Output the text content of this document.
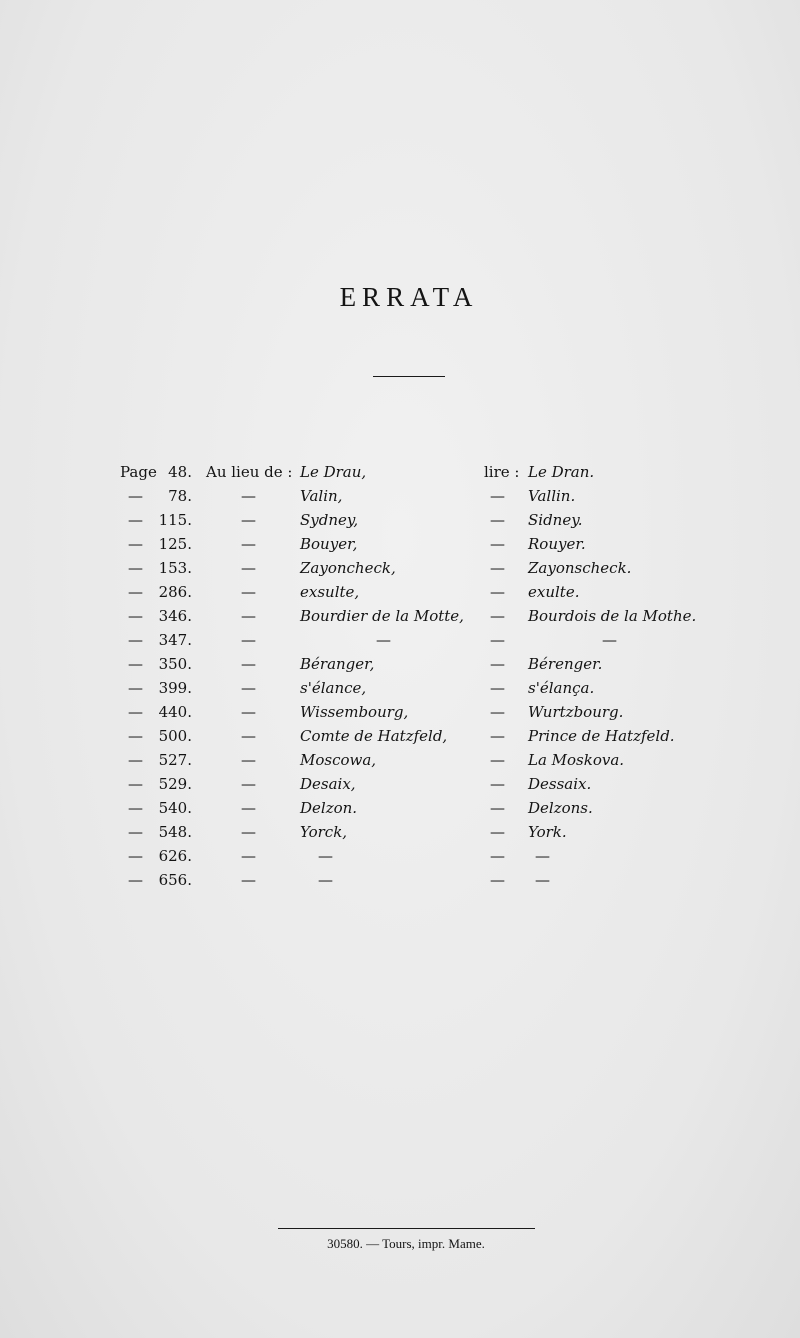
ERRATA
Page 48. Au lieu de : Le Drau,	lire : Le Dran.
—	78.	—	Valin,	— Vallin.
—	115.	—	Sydney,	— Sidney.
—	125.	—	Bouyer,	— Rouyer.
—	153.	—	Zayoncheck,	— Zayonscheck.
—	286.	—	exsulte,	— exulte.
—	346.	—	Bourdier de la Motte, — Bourdois de la Mothe.
—	347.	—	—	—	—
—	350.	—	Béranger,	— Bérenger.
—	399.	—	s'élance,	— s'élança.
—	440.	—	Wissembourg,	— Wurtzbourg.
—	500.	—	Comte de Hatzfeld,	— Prince de Hatzfeld.
—	527.	—	Moscowa,	— La Moskova.
—	529.	—	Desaix,	— Dessaix.
—	540.	—	Delzon.	— Delzons.
—	548.	—	Yorck,	— York.
—	626.	—	—	— —
—	656.	—	—	— —
30580. — Tours, impr. Mame.
